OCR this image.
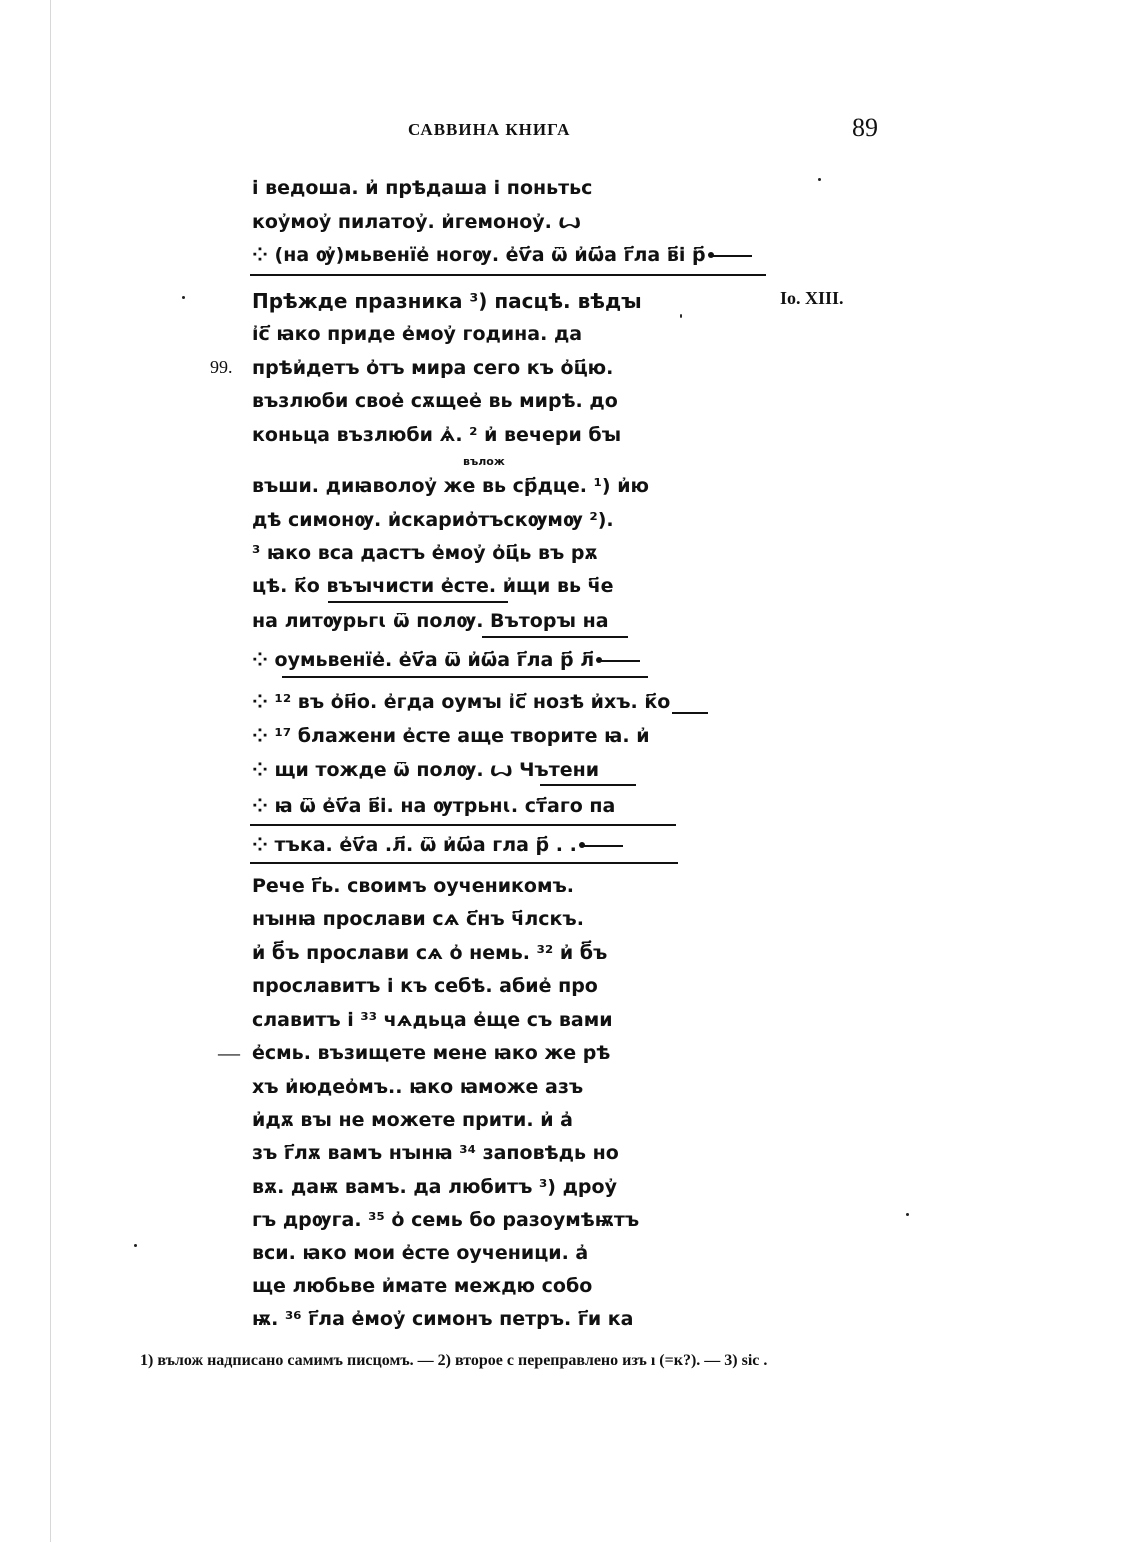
САВВИНА КНИГА	89
і ведоша. и҆ прѣдаша і поньтьс
коу҆моу҆ пилатоу҆. и҆гемоноу҆. ꙍ
⁘ (на ѹ҆)мьвенїе҆ ногѹ. е҆ѵ҃а ѿ и҆ѡ҃а г҃ла в҃і р҃
Прѣжде празника ³) пасцѣ. вѣдꙑ
і҆с҃ ꙗко приде е҆моу҆ година. да
прѣи҆детъ о҆тъ мира сего къ о҆ц҃ю.
възлюби свое҆ сѫщее҆ вь мирѣ. до
коньца възлюби ѧ҆. ² и҆ вечери бꙑ
вълож
въши. диꙗволоу҆ же вь ср҃дце. ¹) и҆ю
дѣ симонѹ. и҆скарио҆тъскѹмѹ ²).
³ ꙗко вса дастъ е҆моу҆ о҆ц҃ь въ рѫ
цѣ. к҃о въꙑчисти е҆сте. и҆щи вь ч҃е
на литѹрьгꙇ ѿ полѹ. Въторꙑ на
⁘ оумьвенїе҆. е҆ѵ҃а ѿ и҆ѡ҃а г҃ла р҃ л҃
⁘ ¹² въ о҆н҃о. е҆гда оумꙑ і҆с҃ нозѣ и҆хъ. к҃о
⁘ ¹⁷ блажени е҆сте аще творите ꙗ. и҆
⁘ щи тожде ѿ полѹ. ꙍ Чътени
⁘ ꙗ ѿ е҆ѵ҃а в҃і. на ѹтрьнꙇ. ст҃аго па
⁘ тъка. е҆ѵ҃а .л҃. ѿ и҆ѡ҃а гла р҃ . .
Рече г҃ь. своимъ оученикомъ.
нꙑнꙗ прослави сѧ с҃нъ ч҃лскъ.
и҆ б҃ъ прослави сѧ о҆ немь. ³² и҆ б҃ъ
прославитъ і къ себѣ. абие҆ про
славитъ і ³³ чѧдьца е҆ще съ вами
е҆смь. възищете мене ꙗко же рѣ
хъ и҆юдео҆мъ.. ꙗко ꙗможе азъ
и҆дѫ вꙑ не можете прити. и҆ а҆
зъ г҃лѫ вамъ нꙑнꙗ ³⁴ заповѣдь но
вѫ. даѭ вамъ. да любитъ ³) дроу҆
гъ дрѹга. ³⁵ о҆ семь бо разоумѣѭтъ
вси. ꙗко мои е҆сте оученици. а҆
ще любьве и҆мате междю собо
ѭ. ³⁶ г҃ла е҆моу҆ симонъ петръ. г҃и ка
99.
Io. XIII.
—
1) вълож надписано самимъ писцомъ. — 2) второе с переправлено изъ ı (=к?). — 3) sic .
